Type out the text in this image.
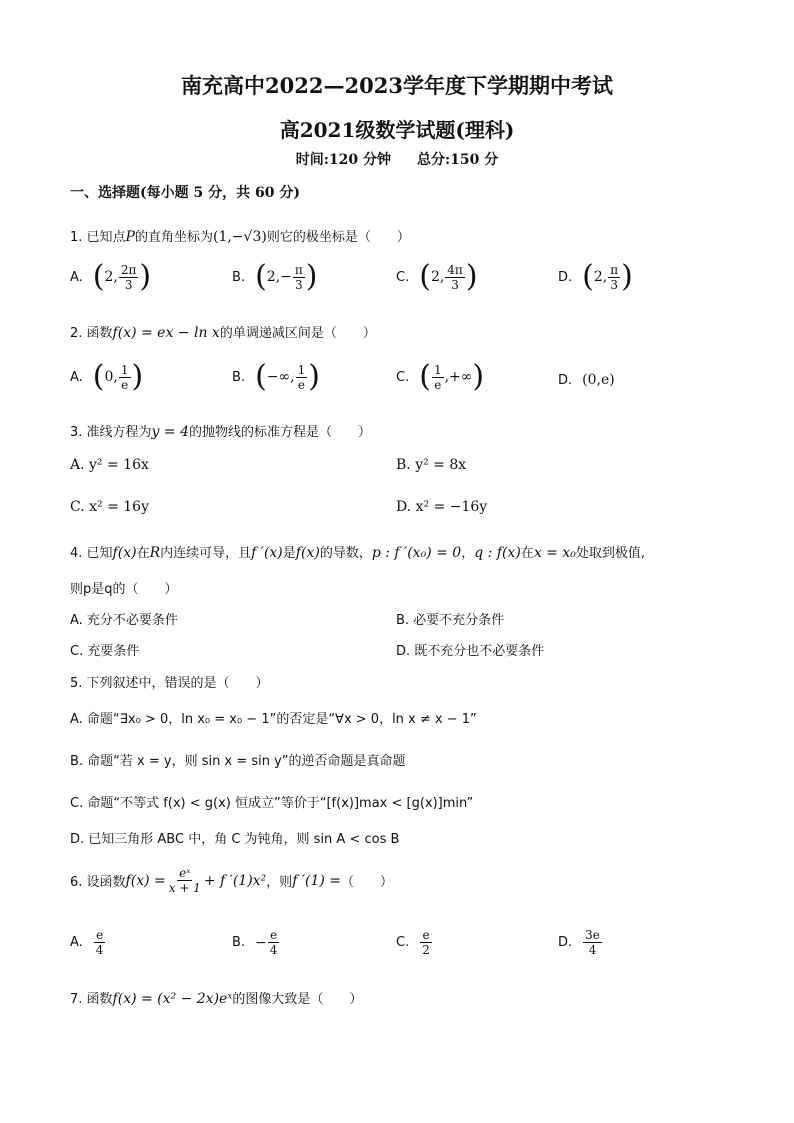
南充高中2022—2023学年度下学期期中考试
高2021级数学试题(理科)
时间:120 分钟 总分:150 分
一、选择题(每小题 5 分，共 60 分)
1. 已知点P的直角坐标为(1,−√3)则它的极坐标是（　　）
A. ( 2, $\frac{2\pi}{3}$ )	B. ( $2,- \frac{\pi}{3}$ )	C. ( 2, $\frac{4\pi}{3}$ )	D. ( 2, $\frac{\pi}{3}$ )
2. 函数f(x) = ex − ln x的单调递减区间是（　　）
A. ( 0, $\frac{1}{e}$ )	B. ( −∞, $\frac{1}{e}$ )	C. ( $\frac{1}{e}$ ,+∞ )	D. (0,e)
3. 准线方程为y = 4的抛物线的标准方程是（　　）
A. y² = 16x	B. y² = 8x
C. x² = 16y	D. x² = −16y
4. 已知f(x)在R内连续可导，且f ′(x)是f(x)的导数，p : f ′(x₀) = 0，q : f(x)在x = x₀处取到极值,
则p是q的（　　）
A. 充分不必要条件	B. 必要不充分条件
C. 充要条件	D. 既不充分也不必要条件
5. 下列叙述中，错误的是（　　）
A. 命题“∃x₀ > 0，ln x₀ = x₀ − 1”的否定是“∀x > 0，ln x ≠ x − 1”
B. 命题“若 x = y，则 sin x = sin y”的逆否命题是真命题
C. 命题“不等式 f(x) < g(x) 恒成立”等价于“[f(x)]max < [g(x)]min”
D. 已知三角形 ABC 中，角 C 为钝角，则 sin A < cos B
6. 设函数 $f(x) = \frac{\text{eˣ}}{x + 1} + f$ ′(1)x² ，则 f ′(1) = （　　）
A. $\frac{e}{4}$	B. − $\frac{e}{4}$	C. $\frac{e}{2}$	D. $\frac{3e}{4}$
7. 函数f(x) = (x² − 2x)eˣ的图像大致是（　　）
